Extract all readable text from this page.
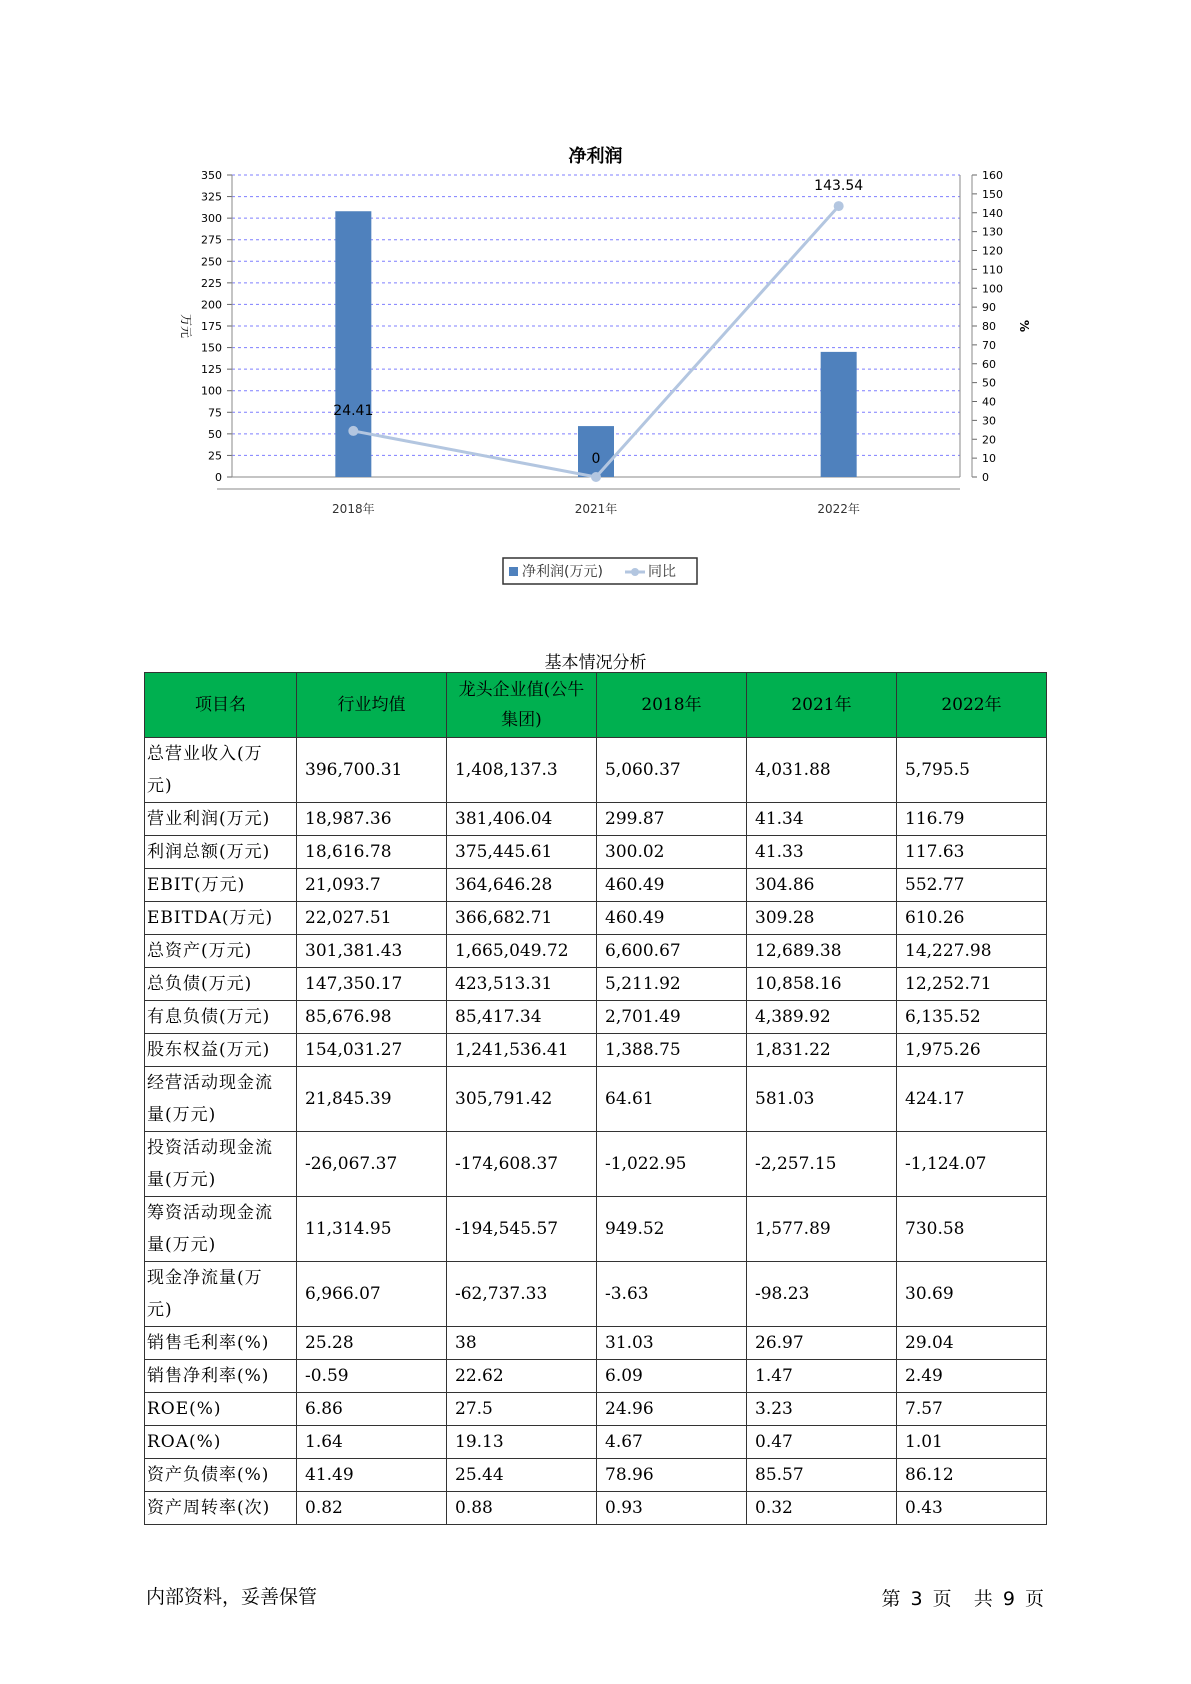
净利润
0
25
50
75
100
125
150
175
200
225
250
275
300
325
350
0
10
20
30
40
50
60
70
80
90
100
110
120
130
140
150
160
万元	%
2018年	2021年	2022年
24.41
0
143.54
净利润(万元)	同比
基本情况分析
项目名	行业均值	龙头企业值(公牛集团)	2018年	2021年	2022年
总营业收入(万元)	396,700.31	1,408,137.3	5,060.37	4,031.88	5,795.5
营业利润(万元)	18,987.36	381,406.04	299.87	41.34	116.79
利润总额(万元)	18,616.78	375,445.61	300.02	41.33	117.63
EBIT(万元)	21,093.7	364,646.28	460.49	304.86	552.77
EBITDA(万元)	22,027.51	366,682.71	460.49	309.28	610.26
总资产(万元)	301,381.43	1,665,049.72	6,600.67	12,689.38	14,227.98
总负债(万元)	147,350.17	423,513.31	5,211.92	10,858.16	12,252.71
有息负债(万元)	85,676.98	85,417.34	2,701.49	4,389.92	6,135.52
股东权益(万元)	154,031.27	1,241,536.41	1,388.75	1,831.22	1,975.26
经营活动现金流量(万元)	21,845.39	305,791.42	64.61	581.03	424.17
投资活动现金流量(万元)	-26,067.37	-174,608.37	-1,022.95	-2,257.15	-1,124.07
筹资活动现金流量(万元)	11,314.95	-194,545.57	949.52	1,577.89	730.58
现金净流量(万元)	6,966.07	-62,737.33	-3.63	-98.23	30.69
销售毛利率(%)	25.28	38	31.03	26.97	29.04
销售净利率(%)	-0.59	22.62	6.09	1.47	2.49
ROE(%)	6.86	27.5	24.96	3.23	7.57
ROA(%)	1.64	19.13	4.67	0.47	1.01
资产负债率(%)	41.49	25.44	78.96	85.57	86.12
资产周转率(次)	0.82	0.88	0.93	0.32	0.43
内部资料，妥善保管	第 3 页 共 9 页
